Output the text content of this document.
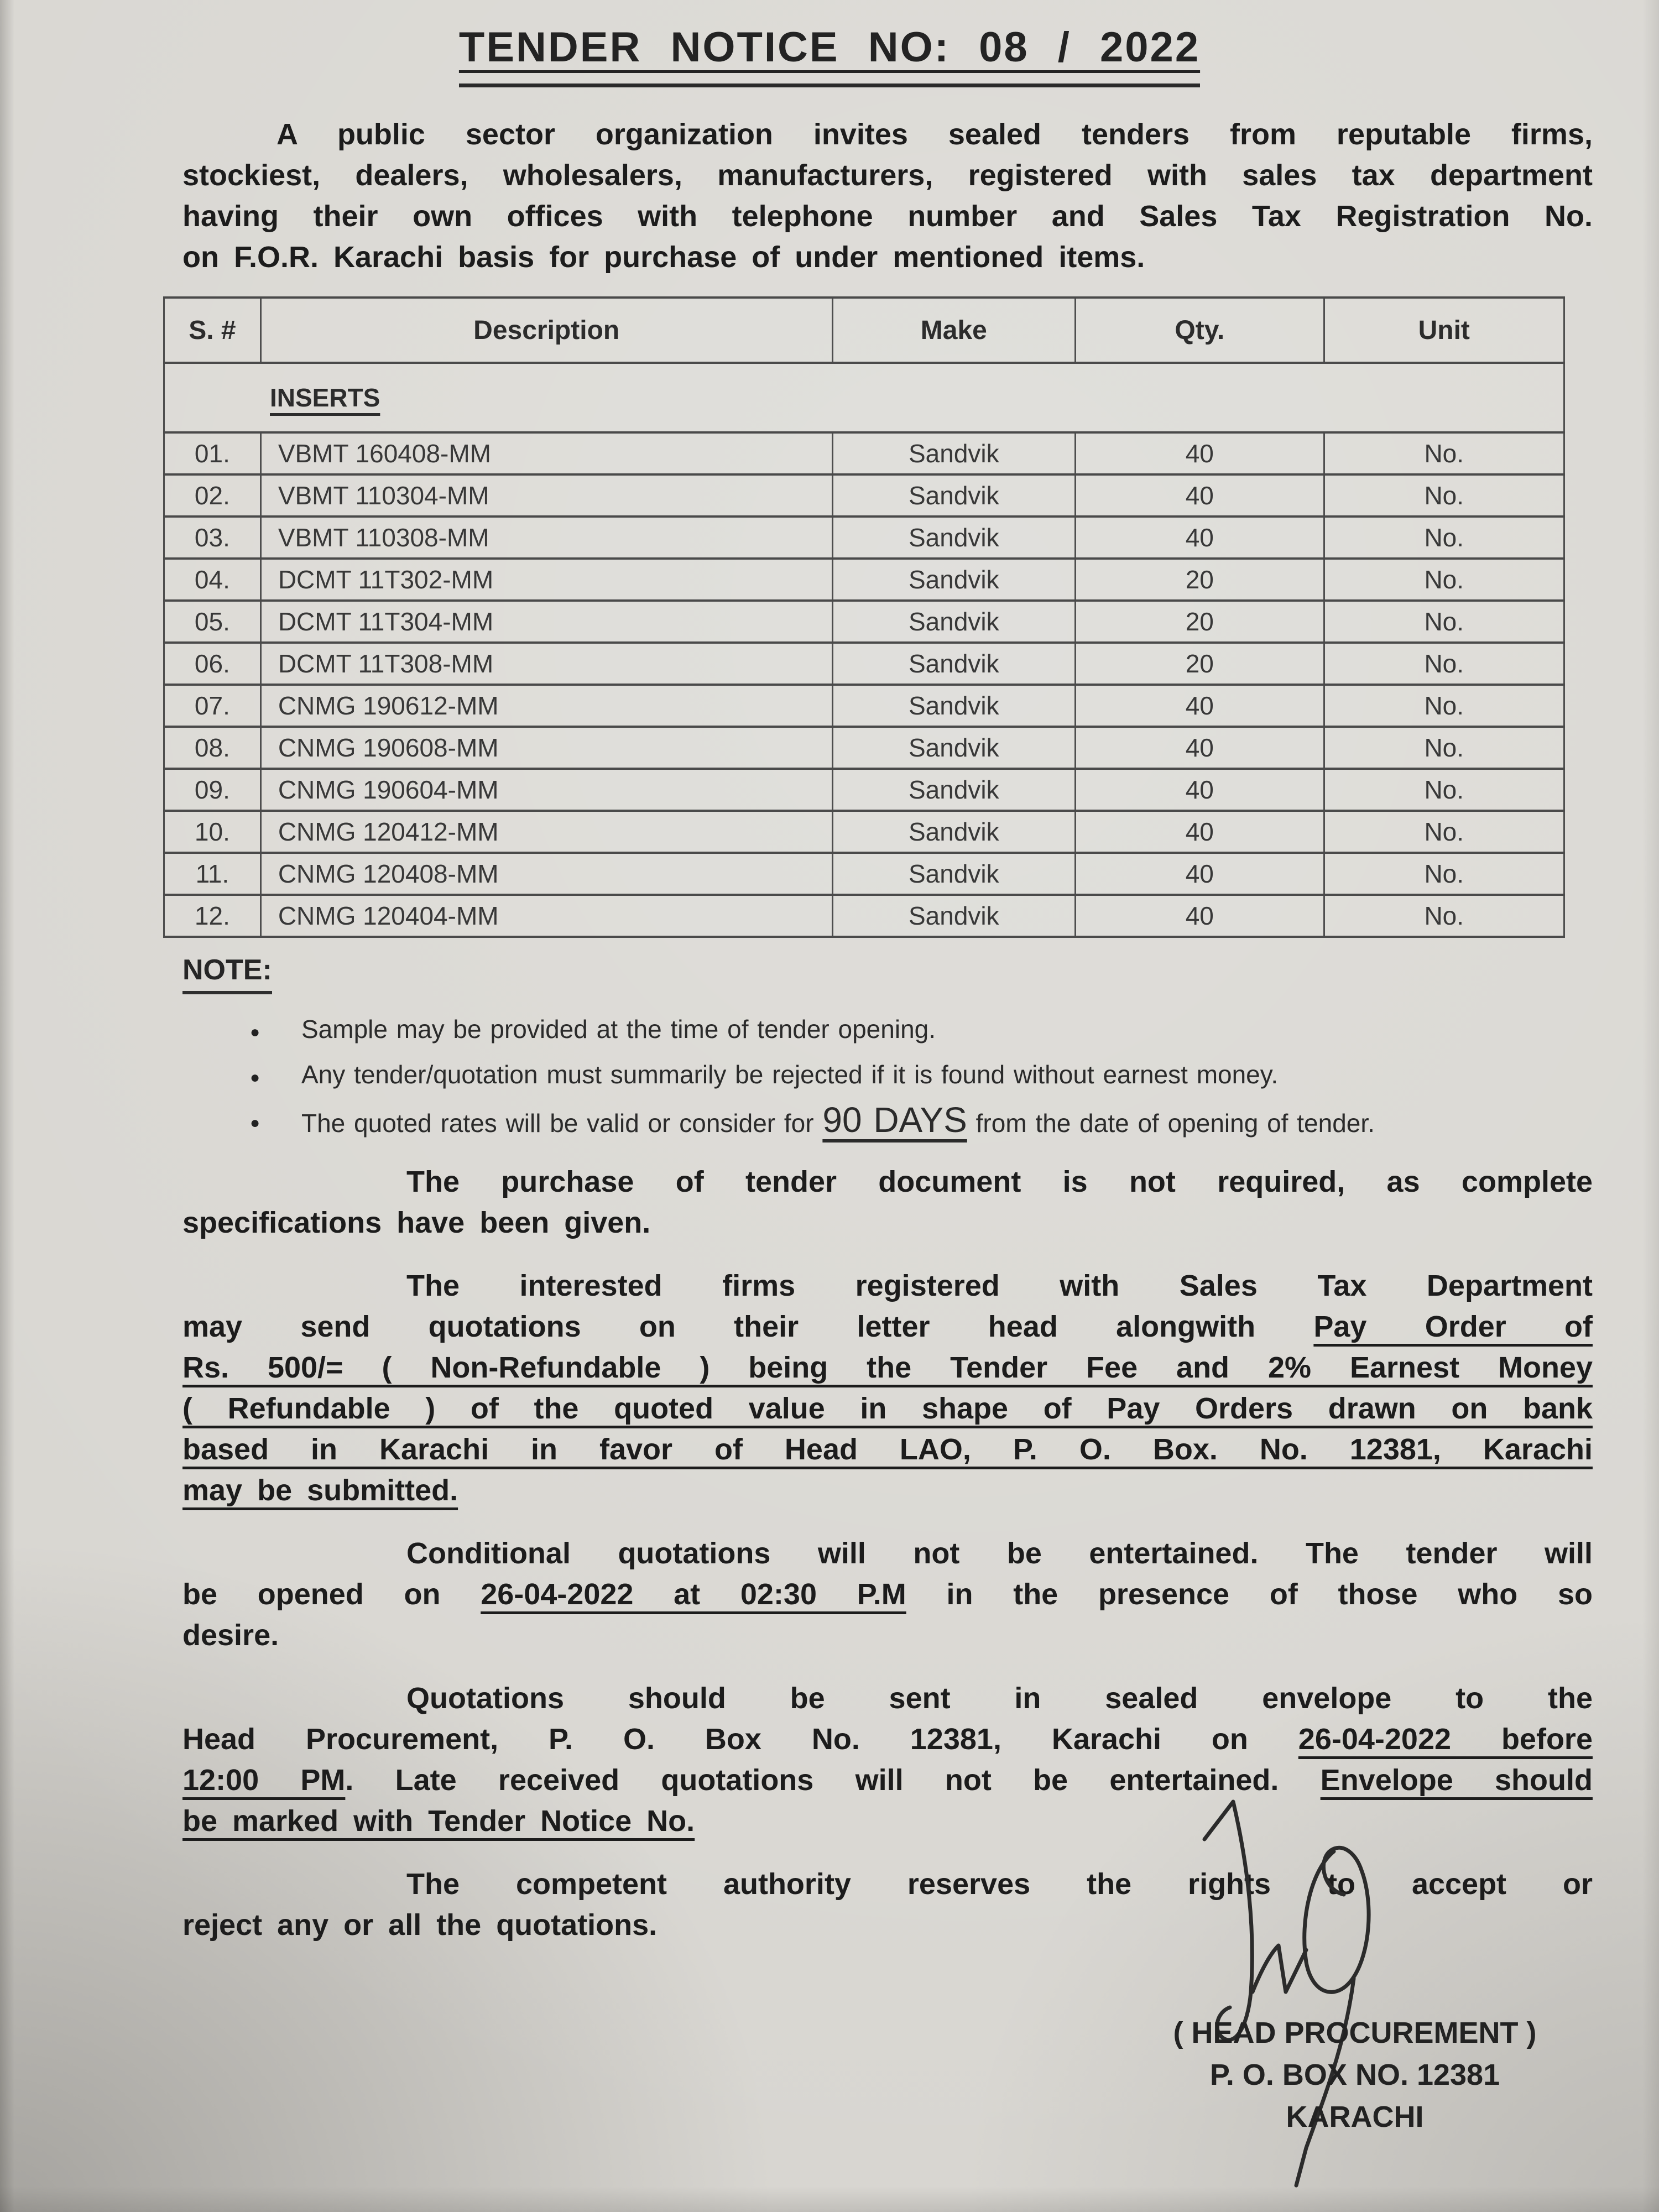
TENDER NOTICE NO: 08 / 2022
A public sector organization invites sealed tenders from reputable firms,
stockiest, dealers, wholesalers, manufacturers, registered with sales tax department
having their own offices with telephone number and Sales Tax Registration No.
on F.O.R. Karachi basis for purchase of under mentioned items.
S. #	Description	Make	Qty.	Unit
INSERTS				
01.	VBMT 160408-MM	Sandvik	40	No.
02.	VBMT 110304-MM	Sandvik	40	No.
03.	VBMT 110308-MM	Sandvik	40	No.
04.	DCMT 11T302-MM	Sandvik	20	No.
05.	DCMT 11T304-MM	Sandvik	20	No.
06.	DCMT 11T308-MM	Sandvik	20	No.
07.	CNMG 190612-MM	Sandvik	40	No.
08.	CNMG 190608-MM	Sandvik	40	No.
09.	CNMG 190604-MM	Sandvik	40	No.
10.	CNMG 120412-MM	Sandvik	40	No.
11.	CNMG 120408-MM	Sandvik	40	No.
12.	CNMG 120404-MM	Sandvik	40	No.
NOTE:
● Sample may be provided at the time of tender opening.
● Any tender/quotation must summarily be rejected if it is found without earnest money.
● The quoted rates will be valid or consider for 90 DAYS from the date of opening of tender.
The purchase of tender document is not required, as complete
specifications have been given.
The interested firms registered with Sales Tax Department
may send quotations on their letter head alongwith Pay Order of
Rs. 500/= ( Non-Refundable ) being the Tender Fee and 2% Earnest Money
( Refundable ) of the quoted value in shape of Pay Orders drawn on bank
based in Karachi in favor of Head LAO, P. O. Box. No. 12381, Karachi
may be submitted.
Conditional quotations will not be entertained. The tender will
be opened on 26-04-2022 at 02:30 P.M in the presence of those who so
desire.
Quotations should be sent in sealed envelope to the
Head Procurement, P. O. Box No. 12381, Karachi on 26-04-2022 before
12:00 PM. Late received quotations will not be entertained. Envelope should
be marked with Tender Notice No.
The competent authority reserves the rights to accept or
reject any or all the quotations.
( HEAD PROCUREMENT )
P. O. BOX NO. 12381
KARACHI
